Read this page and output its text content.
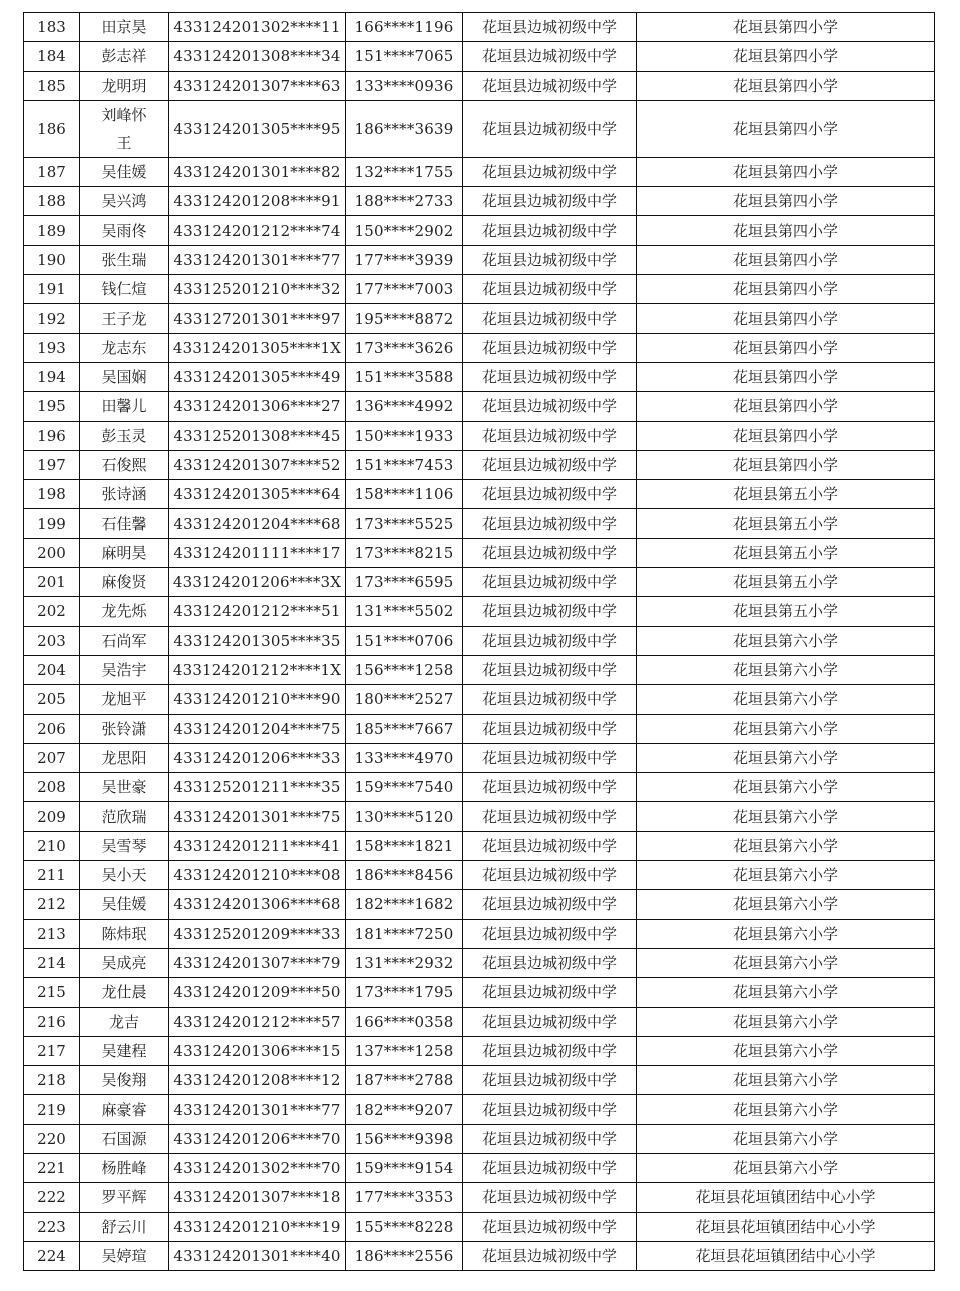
183	田京昊	433124201302****11	166****1196	花垣县边城初级中学	花垣县第四小学
184	彭志祥	433124201308****34	151****7065	花垣县边城初级中学	花垣县第四小学
185	龙明玥	433124201307****63	133****0936	花垣县边城初级中学	花垣县第四小学
186	刘峰怀王	433124201305****95	186****3639	花垣县边城初级中学	花垣县第四小学
187	吴佳媛	433124201301****82	132****1755	花垣县边城初级中学	花垣县第四小学
188	吴兴鸿	433124201208****91	188****2733	花垣县边城初级中学	花垣县第四小学
189	吴雨佟	433124201212****74	150****2902	花垣县边城初级中学	花垣县第四小学
190	张生瑞	433124201301****77	177****3939	花垣县边城初级中学	花垣县第四小学
191	钱仁煊	433125201210****32	177****7003	花垣县边城初级中学	花垣县第四小学
192	王子龙	433127201301****97	195****8872	花垣县边城初级中学	花垣县第四小学
193	龙志东	433124201305****1X	173****3626	花垣县边城初级中学	花垣县第四小学
194	吴国娴	433124201305****49	151****3588	花垣县边城初级中学	花垣县第四小学
195	田馨儿	433124201306****27	136****4992	花垣县边城初级中学	花垣县第四小学
196	彭玉灵	433125201308****45	150****1933	花垣县边城初级中学	花垣县第四小学
197	石俊熙	433124201307****52	151****7453	花垣县边城初级中学	花垣县第四小学
198	张诗涵	433124201305****64	158****1106	花垣县边城初级中学	花垣县第五小学
199	石佳馨	433124201204****68	173****5525	花垣县边城初级中学	花垣县第五小学
200	麻明昊	433124201111****17	173****8215	花垣县边城初级中学	花垣县第五小学
201	麻俊贤	433124201206****3X	173****6595	花垣县边城初级中学	花垣县第五小学
202	龙先烁	433124201212****51	131****5502	花垣县边城初级中学	花垣县第五小学
203	石尚军	433124201305****35	151****0706	花垣县边城初级中学	花垣县第六小学
204	吴浩宇	433124201212****1X	156****1258	花垣县边城初级中学	花垣县第六小学
205	龙旭平	433124201210****90	180****2527	花垣县边城初级中学	花垣县第六小学
206	张铃潇	433124201204****75	185****7667	花垣县边城初级中学	花垣县第六小学
207	龙思阳	433124201206****33	133****4970	花垣县边城初级中学	花垣县第六小学
208	吴世豪	433125201211****35	159****7540	花垣县边城初级中学	花垣县第六小学
209	范欣瑞	433124201301****75	130****5120	花垣县边城初级中学	花垣县第六小学
210	吴雪琴	433124201211****41	158****1821	花垣县边城初级中学	花垣县第六小学
211	吴小天	433124201210****08	186****8456	花垣县边城初级中学	花垣县第六小学
212	吴佳媛	433124201306****68	182****1682	花垣县边城初级中学	花垣县第六小学
213	陈炜珉	433125201209****33	181****7250	花垣县边城初级中学	花垣县第六小学
214	吴成亮	433124201307****79	131****2932	花垣县边城初级中学	花垣县第六小学
215	龙仕晨	433124201209****50	173****1795	花垣县边城初级中学	花垣县第六小学
216	龙吉	433124201212****57	166****0358	花垣县边城初级中学	花垣县第六小学
217	吴建程	433124201306****15	137****1258	花垣县边城初级中学	花垣县第六小学
218	吴俊翔	433124201208****12	187****2788	花垣县边城初级中学	花垣县第六小学
219	麻豪睿	433124201301****77	182****9207	花垣县边城初级中学	花垣县第六小学
220	石国源	433124201206****70	156****9398	花垣县边城初级中学	花垣县第六小学
221	杨胜峰	433124201302****70	159****9154	花垣县边城初级中学	花垣县第六小学
222	罗平辉	433124201307****18	177****3353	花垣县边城初级中学	花垣县花垣镇团结中心小学
223	舒云川	433124201210****19	155****8228	花垣县边城初级中学	花垣县花垣镇团结中心小学
224	吴婷瑄	433124201301****40	186****2556	花垣县边城初级中学	花垣县花垣镇团结中心小学
